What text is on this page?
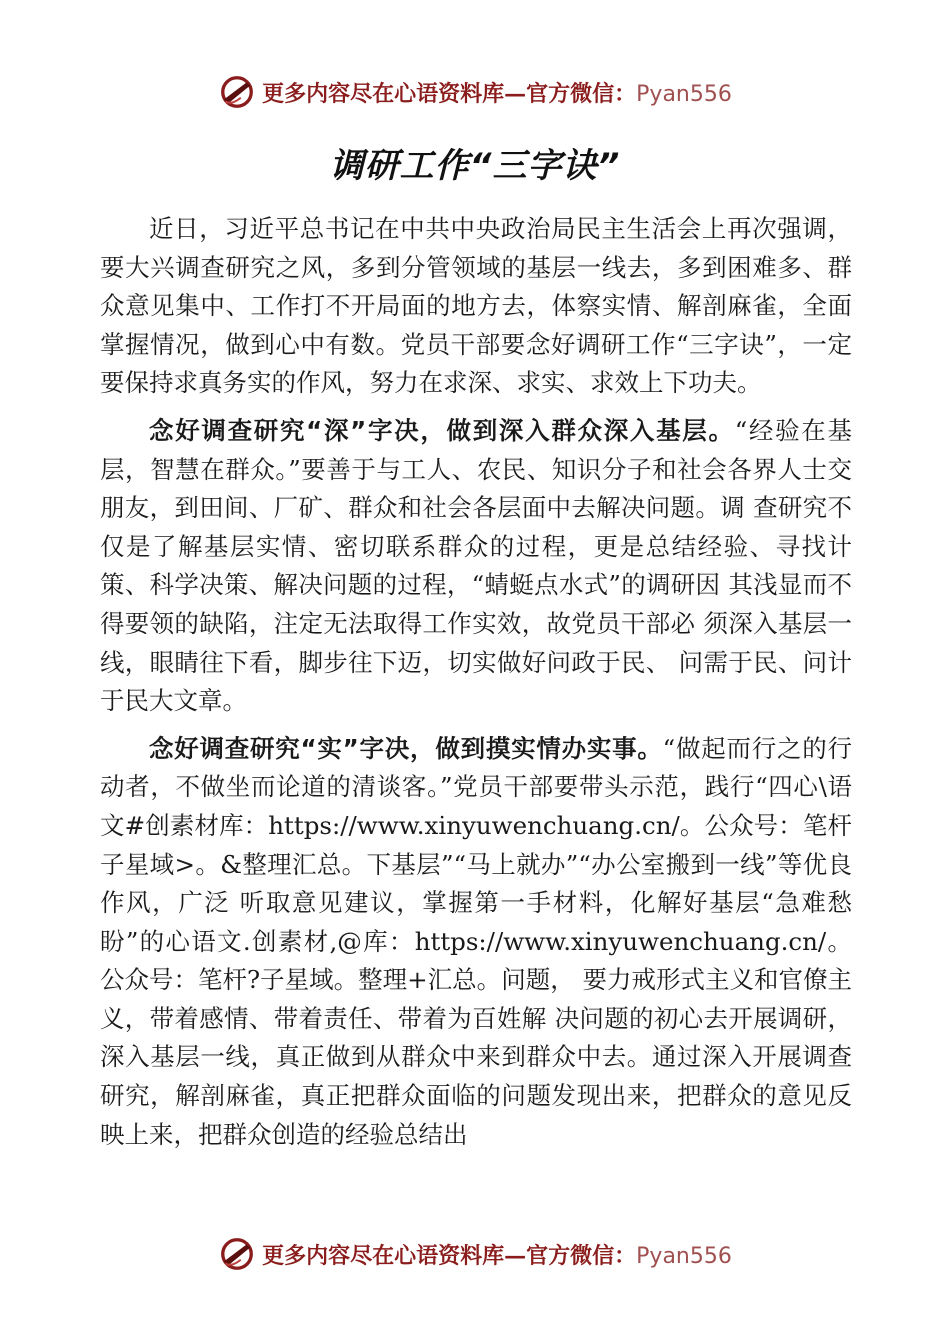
更多内容尽在心语资料库—官方微信：Pyan556
调研工作“三字诀”

近日，习近平总书记在中共中央政治局民主生活会上再次强调，要大兴调查研究之风，多到分管领域的基层一线去，多到困难多、群众意见集中、工作打不开局面的地方去，体察实情、解剖麻雀，全面掌握情况，做到心中有数。党员干部要念好调研工作“三字诀”，一定要保持求真务实的作风，努力在求深、求实、求效上下功夫。

念好调查研究“深”字决，做到深入群众深入基层。“经验在基层，智慧在群众。”要善于与工人、农民、知识分子和社会各界人士交朋友，到田间、厂矿、群众和社会各层面中去解决问题。调 查研究不仅是了解基层实情、密切联系群众的过程，更是总结经验、寻找计策、科学决策、解决问题的过程，“蜻蜓点水式”的调研因 其浅显而不得要领的缺陷，注定无法取得工作实效，故党员干部必 须深入基层一线，眼睛往下看，脚步往下迈，切实做好问政于民、 问需于民、问计于民大文章。

念好调查研究“实”字决，做到摸实情办实事。“做起而行之的行动者，不做坐而论道的清谈客。”党员干部要带头示范，践行“四心\语文#创素材库：https://www.xinyuwenchuang.cn/。公众号：笔杆子星域>。&整理汇总。下基层”“马上就办”“办公室搬到一线”等优良作风，广泛 听取意见建议，掌握第一手材料，化解好基层“急难愁盼”的心语文.创素材,@库：https://www.xinyuwenchuang.cn/。公众号：笔杆?子星域。整理+汇总。问题， 要力戒形式主义和官僚主义，带着感情、带着责任、带着为百姓解 决问题的初心去开展调研，深入基层一线，真正做到从群众中来到群众中去。通过深入开展调查研究，解剖麻雀，真正把群众面临的问题发现出来，把群众的意见反映上来，把群众创造的经验总结出

更多内容尽在心语资料库—官方微信：Pyan556
